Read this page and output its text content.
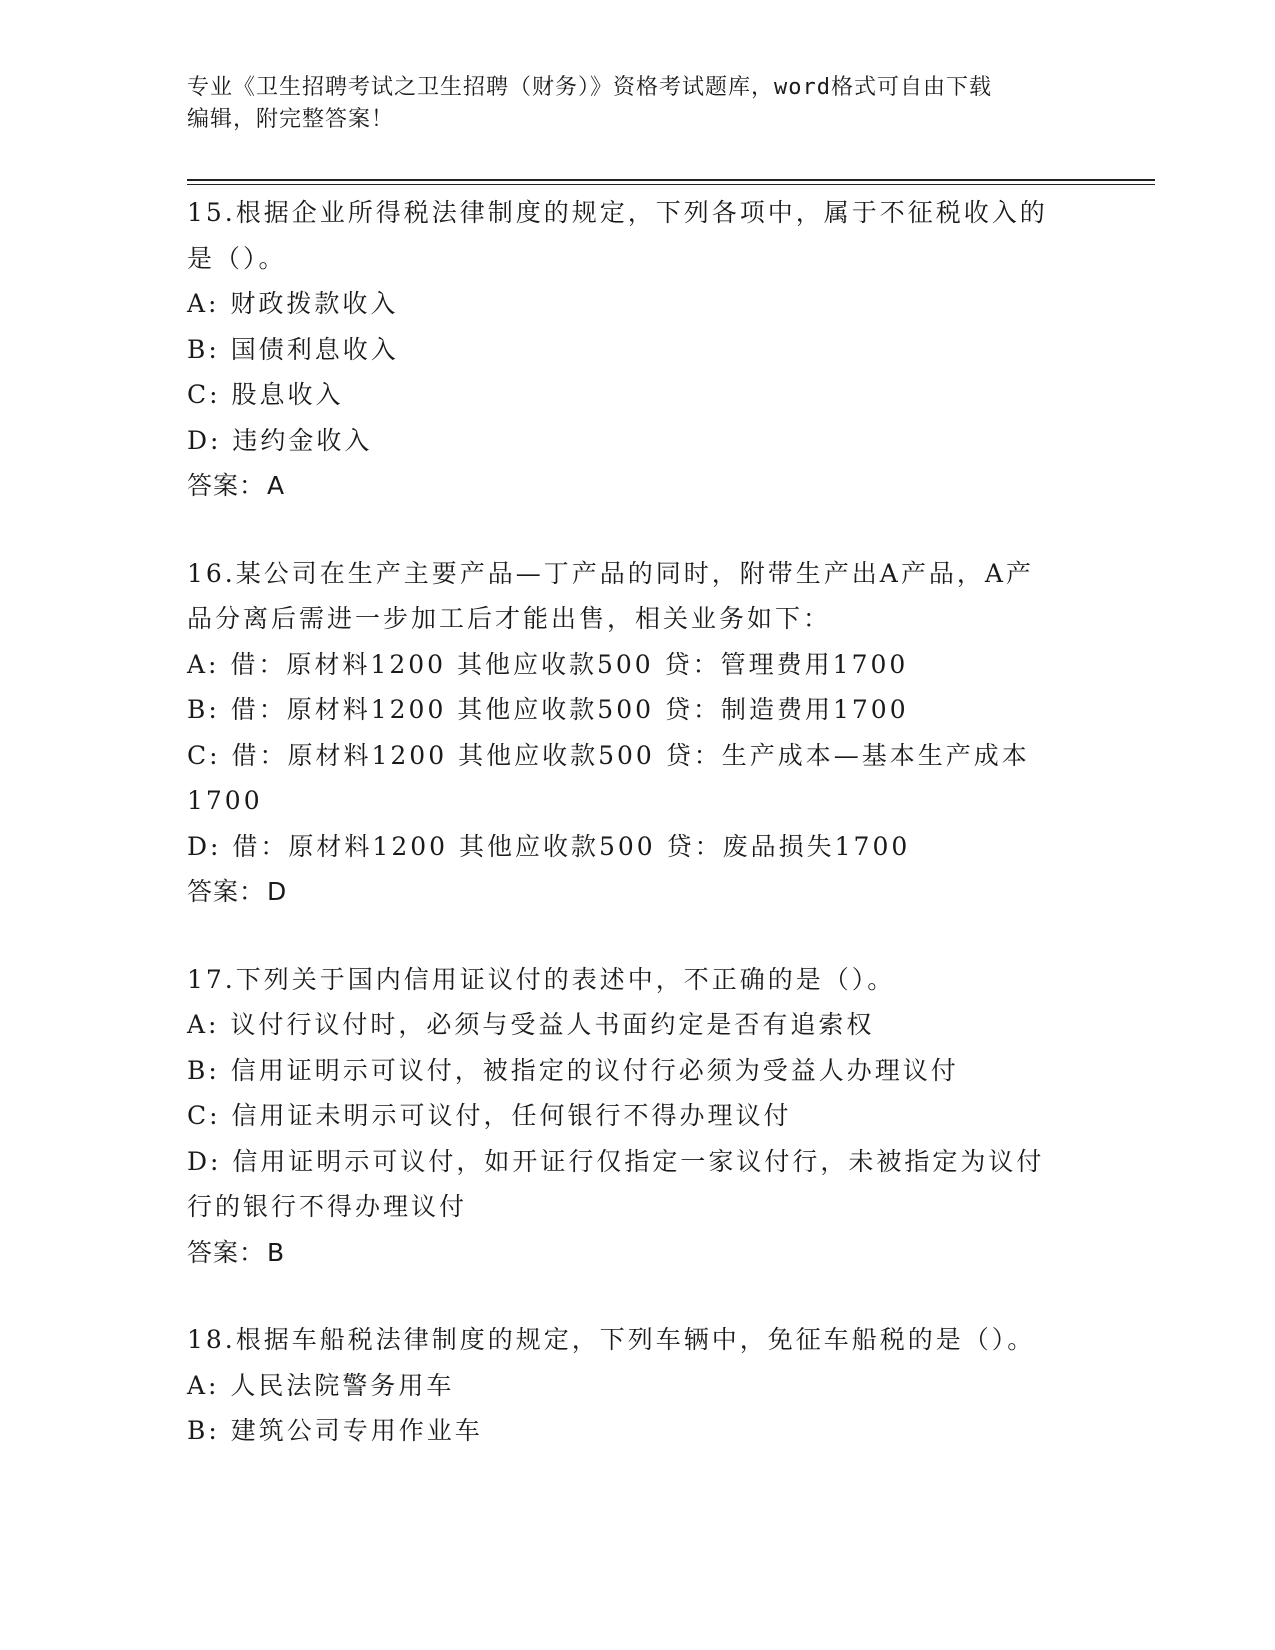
专业《卫生招聘考试之卫生招聘（财务）》资格考试题库，word格式可自由下载
编辑，附完整答案！
15.根据企业所得税法律制度的规定，下列各项中，属于不征税收入的
是（）。
A: 财政拨款收入
B: 国债利息收入
C: 股息收入
D: 违约金收入
答案：A
16.某公司在生产主要产品—丁产品的同时，附带生产出A产品，A产
品分离后需进一步加工后才能出售，相关业务如下：
A: 借：原材料1200 其他应收款500 贷：管理费用1700
B: 借：原材料1200 其他应收款500 贷：制造费用1700
C: 借：原材料1200 其他应收款500 贷：生产成本—基本生产成本
1700
D: 借：原材料1200 其他应收款500 贷：废品损失1700
答案：D
17.下列关于国内信用证议付的表述中，不正确的是（）。
A: 议付行议付时，必须与受益人书面约定是否有追索权
B: 信用证明示可议付，被指定的议付行必须为受益人办理议付
C: 信用证未明示可议付，任何银行不得办理议付
D: 信用证明示可议付，如开证行仅指定一家议付行，未被指定为议付
行的银行不得办理议付
答案：B
18.根据车船税法律制度的规定，下列车辆中，免征车船税的是（）。
A: 人民法院警务用车
B: 建筑公司专用作业车
